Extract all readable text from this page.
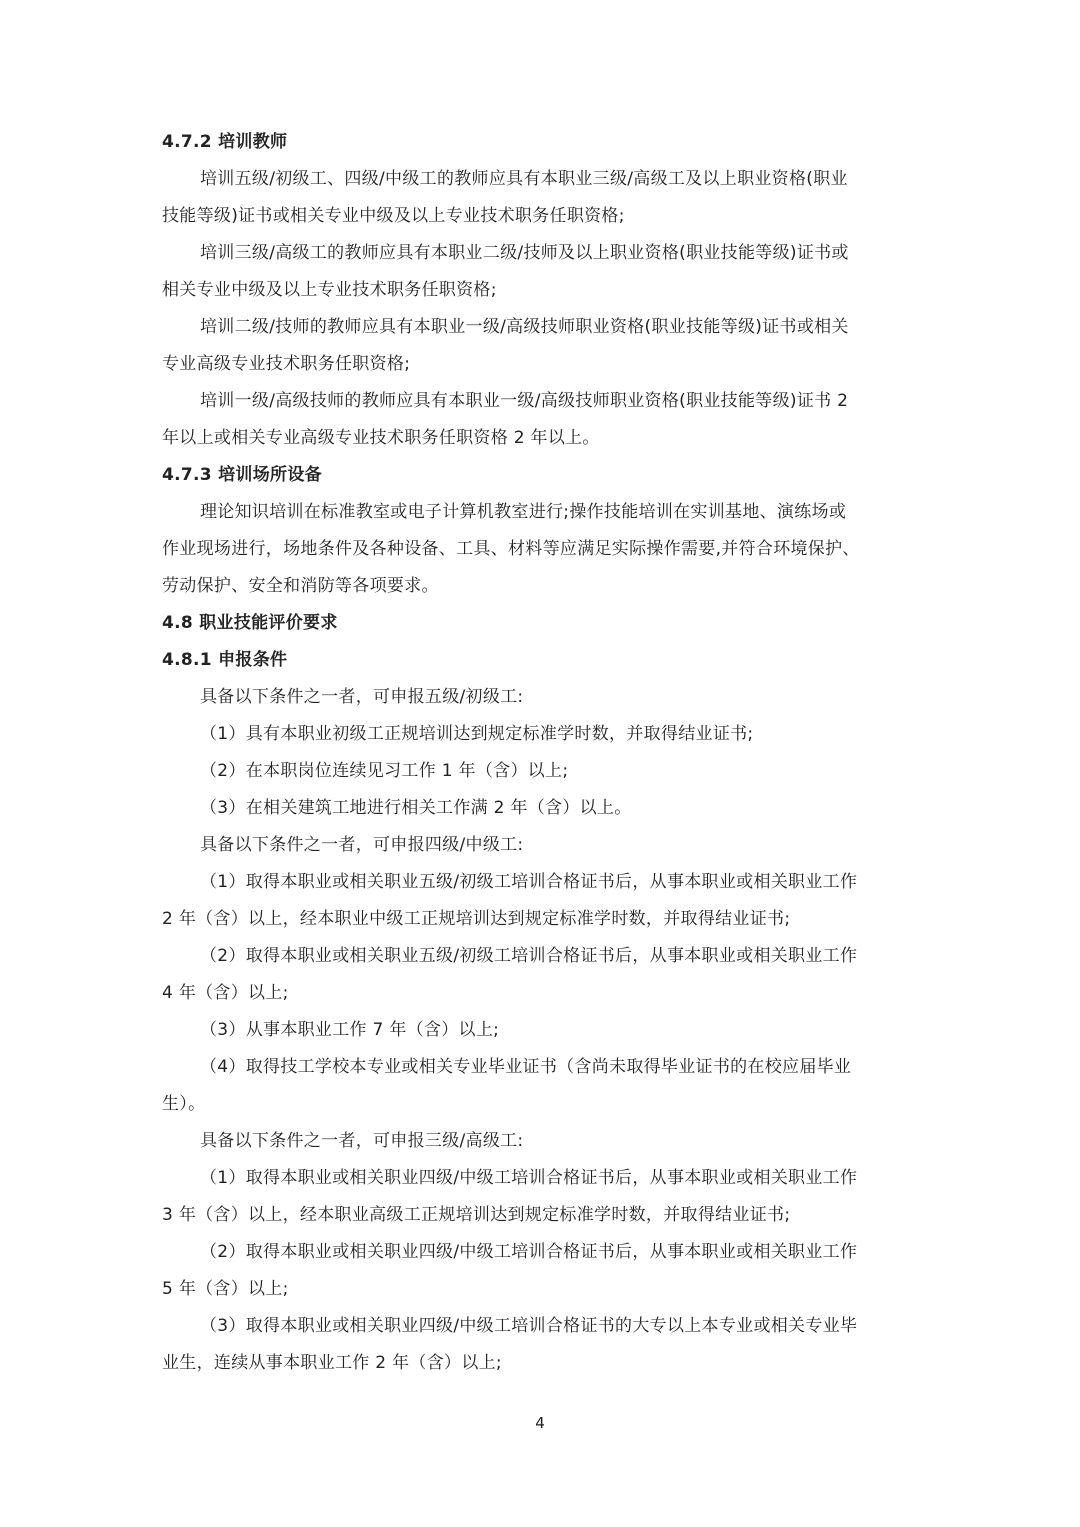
4.7.2 培训教师
培训五级/初级工、四级/中级工的教师应具有本职业三级/高级工及以上职业资格(职业
技能等级)证书或相关专业中级及以上专业技术职务任职资格;
培训三级/高级工的教师应具有本职业二级/技师及以上职业资格(职业技能等级)证书或
相关专业中级及以上专业技术职务任职资格;
培训二级/技师的教师应具有本职业一级/高级技师职业资格(职业技能等级)证书或相关
专业高级专业技术职务任职资格;
培训一级/高级技师的教师应具有本职业一级/高级技师职业资格(职业技能等级)证书 2
年以上或相关专业高级专业技术职务任职资格 2 年以上。
4.7.3 培训场所设备
理论知识培训在标准教室或电子计算机教室进行;操作技能培训在实训基地、演练场或
作业现场进行，场地条件及各种设备、工具、材料等应满足实际操作需要,并符合环境保护、
劳动保护、安全和消防等各项要求。
4.8 职业技能评价要求
4.8.1 申报条件
具备以下条件之一者，可申报五级/初级工:
（1）具有本职业初级工正规培训达到规定标准学时数，并取得结业证书;
（2）在本职岗位连续见习工作 1 年（含）以上;
（3）在相关建筑工地进行相关工作满 2 年（含）以上。
具备以下条件之一者，可申报四级/中级工:
（1）取得本职业或相关职业五级/初级工培训合格证书后，从事本职业或相关职业工作
2 年（含）以上，经本职业中级工正规培训达到规定标准学时数，并取得结业证书;
（2）取得本职业或相关职业五级/初级工培训合格证书后，从事本职业或相关职业工作
4 年（含）以上;
（3）从事本职业工作 7 年（含）以上;
（4）取得技工学校本专业或相关专业毕业证书（含尚未取得毕业证书的在校应届毕业
生）。
具备以下条件之一者，可申报三级/高级工:
（1）取得本职业或相关职业四级/中级工培训合格证书后，从事本职业或相关职业工作
3 年（含）以上，经本职业高级工正规培训达到规定标准学时数，并取得结业证书;
（2）取得本职业或相关职业四级/中级工培训合格证书后，从事本职业或相关职业工作
5 年（含）以上;
（3）取得本职业或相关职业四级/中级工培训合格证书的大专以上本专业或相关专业毕
业生，连续从事本职业工作 2 年（含）以上;
4
